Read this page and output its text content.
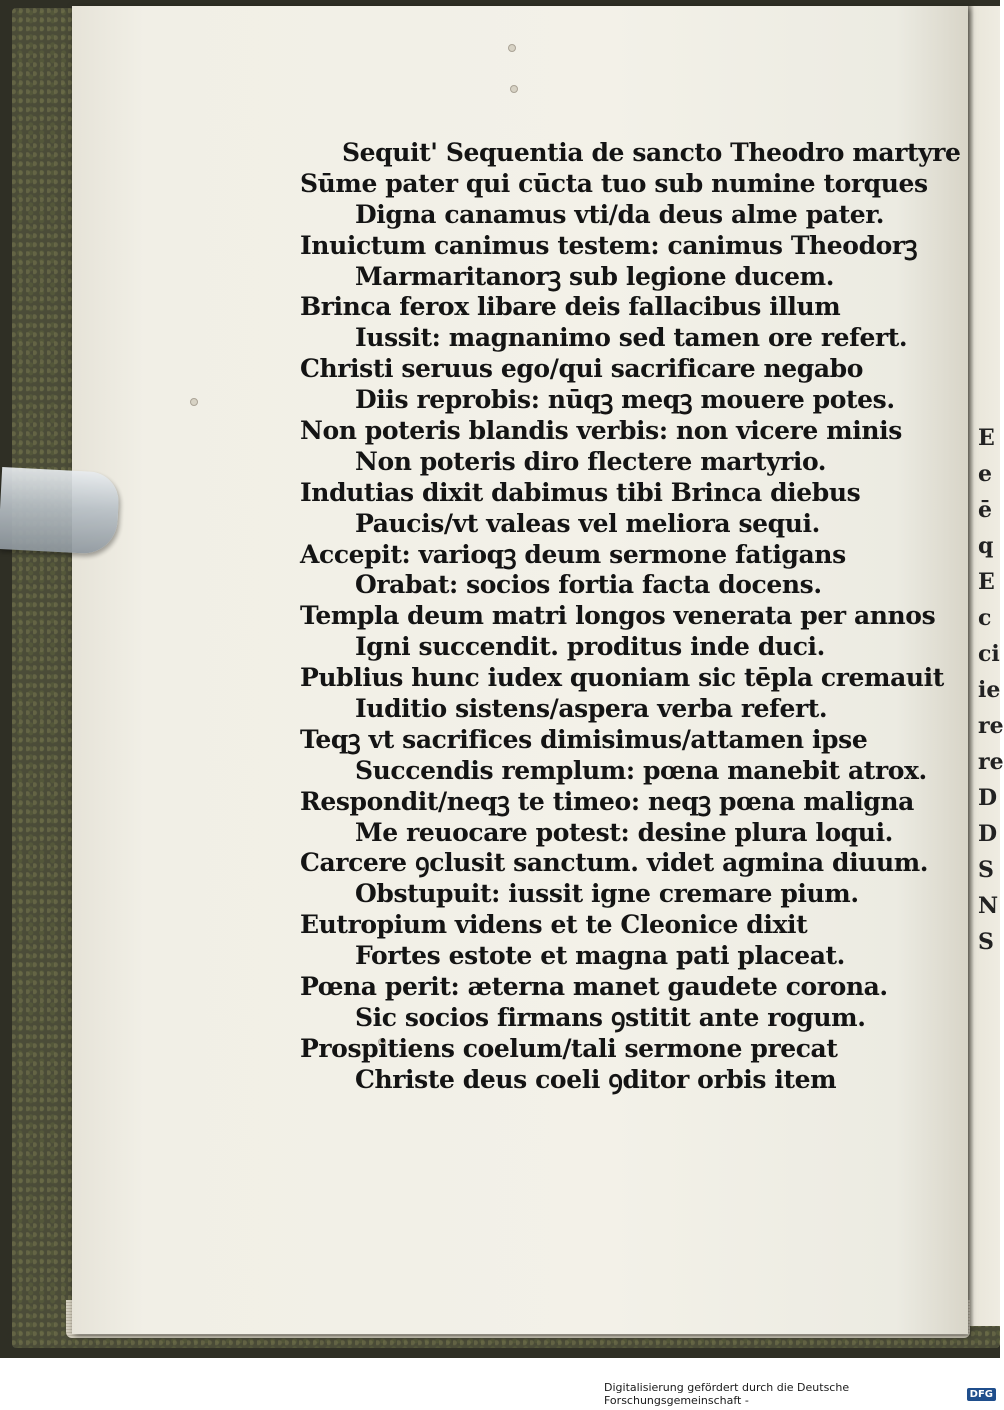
E
e
ē
q
E
c
ci
ie
re
re
D
D
S
N
S
Sequit' Sequentia de sancto Theodro martyre
Sūme pater qui cūcta tuo sub numine torques
Digna canamus vti/da deus alme pater.
Inuictum canimus testem: canimus Theodorꝫ
Marmaritanorꝫ sub legione ducem.
Brinca ferox libare deis fallacibus illum
Iussit: magnanimo sed tamen ore refert.
Christi seruus ego/qui sacrificare negabo
Diis reprobis: nūqꝫ meqꝫ mouere potes.
Non poteris blandis verbis: non vicere minis
Non poteris diro flectere martyrio.
Indutias dixit dabimus tibi Brinca diebus
Paucis/vt valeas vel meliora sequi.
Accepit: varioqꝫ deum sermone fatigans
Orabat: socios fortia facta docens.
Templa deum matri longos venerata per annos
Igni succendit. proditus inde duci.
Publius hunc iudex quoniam sic tēpla cremauit
Iuditio sistens/aspera verba refert.
Teqꝫ vt sacrifices dimisimus/attamen ipse
Succendis remplum: pœna manebit atrox.
Respondit/neqꝫ te timeo: neqꝫ pœna maligna
Me reuocare potest: desine plura loqui.
Carcere ꝯclusit sanctum. videt agmina diuum.
Obstupuit: iussit igne cremare pium.
Eutropium videns et te Cleonice dixit
Fortes estote et magna pati placeat.
Pœna perit: æterna manet gaudete corona.
Sic socios firmans ꝯstitit ante rogum.
Prospitiens coelum/tali sermone precat
Christe deus coeli ꝯditor orbis item
Digitalisierung gefördert durch die Deutsche Forschungsgemeinschaft -	DFG
